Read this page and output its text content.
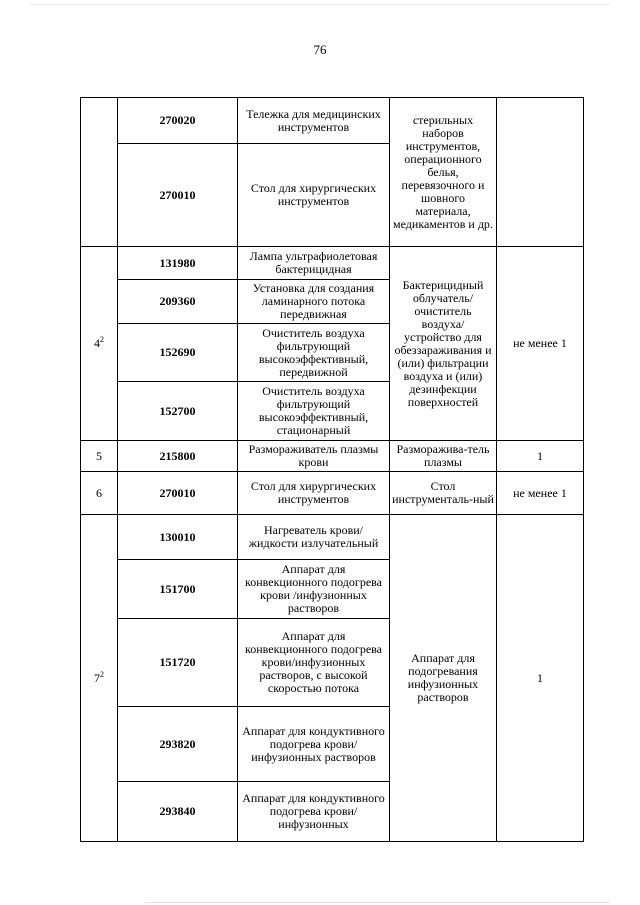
76
	270020	Тележка для медицинских инструментов	стерильных наборов инструментов, операционного белья, перевязочного и шовного материала, медикаментов и др.	
	270010	Стол для хирургических инструментов		
$4^2$	131980	Лампа ультрафиолетовая бактерицидная	Бактерицидный облучатель/ очиститель воздуха/ устройство для обеззараживания и (или) фильтрации воздуха и (или) дезинфекции поверхностей	не менее 1
	209360	Установка для создания ламинарного потока передвижная		
	152690	Очиститель воздуха фильтрующий высокоэффективный, передвижной		
	152700	Очиститель воздуха фильтрующий высокоэффективный, стационарный		
5	215800	Размораживатель плазмы крови	Разморажива-тель плазмы	1
6	270010	Стол для хирургических инструментов	Стол инструменталь-ный	не менее 1
$7^2$	130010	Нагреватель крови/жидкости излучательный	Аппарат для подогревания инфузионных растворов	1
	151700	Аппарат для конвекционного подогрева крови /инфузионных растворов		
	151720	Аппарат для конвекционного подогрева крови/инфузионных растворов, с высокой скоростью потока		
	293820	Аппарат для кондуктивного подогрева крови/инфузионных растворов		
	293840	Аппарат для кондуктивного подогрева крови/инфузионных		
